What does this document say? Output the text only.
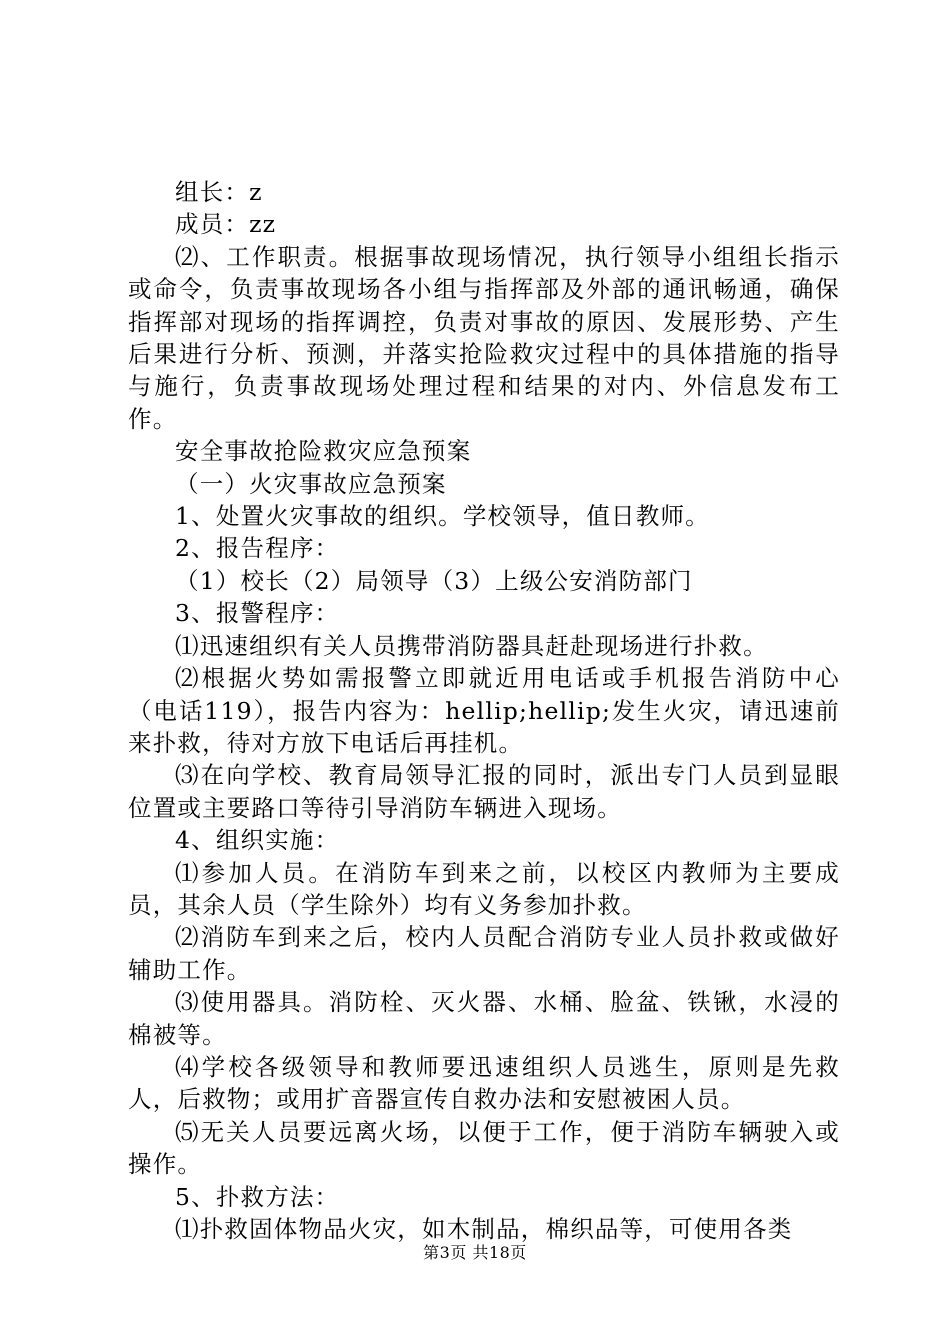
组长：z

成员：zz

⑵、工作职责。根据事故现场情况，执行领导小组组长指示或命令，负责事故现场各小组与指挥部及外部的通讯畅通，确保指挥部对现场的指挥调控，负责对事故的原因、发展形势、产生后果进行分析、预测，并落实抢险救灾过程中的具体措施的指导与施行，负责事故现场处理过程和结果的对内、外信息发布工作。

安全事故抢险救灾应急预案

（一）火灾事故应急预案

1、处置火灾事故的组织。学校领导，值日教师。

2、报告程序：

（1）校长（2）局领导（3）上级公安消防部门

3、报警程序：

⑴迅速组织有关人员携带消防器具赶赴现场进行扑救。

⑵根据火势如需报警立即就近用电话或手机报告消防中心（电话119），报告内容为：hellip;hellip;发生火灾，请迅速前来扑救，待对方放下电话后再挂机。

⑶在向学校、教育局领导汇报的同时，派出专门人员到显眼位置或主要路口等待引导消防车辆进入现场。

4、组织实施：

⑴参加人员。在消防车到来之前，以校区内教师为主要成员，其余人员（学生除外）均有义务参加扑救。

⑵消防车到来之后，校内人员配合消防专业人员扑救或做好辅助工作。

⑶使用器具。消防栓、灭火器、水桶、脸盆、铁锹，水浸的棉被等。

⑷学校各级领导和教师要迅速组织人员逃生，原则是先救人，后救物；或用扩音器宣传自救办法和安慰被困人员。

⑸无关人员要远离火场，以便于工作，便于消防车辆驶入或操作。

5、扑救方法：

⑴扑救固体物品火灾，如木制品，棉织品等，可使用各类

第3页 共18页
